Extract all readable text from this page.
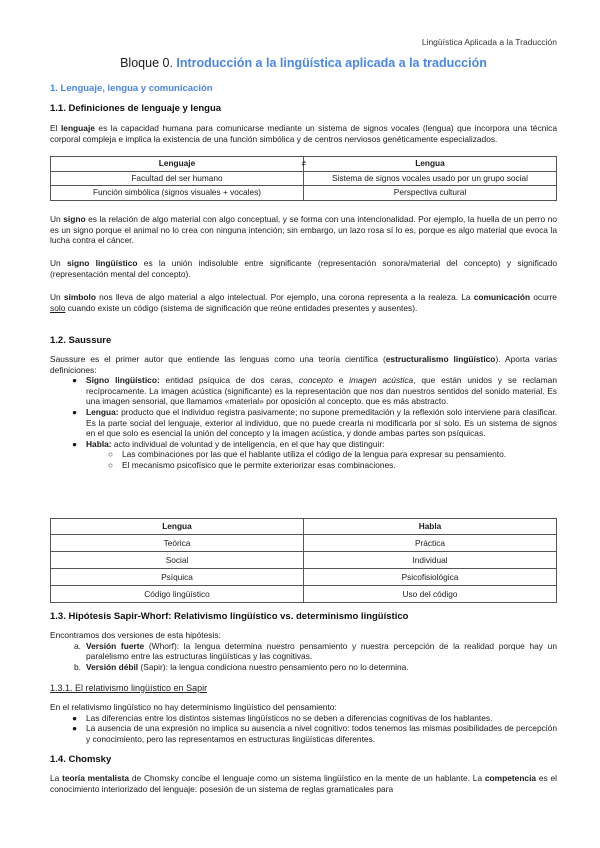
Lingüística Aplicada a la Traducción
Bloque 0. Introducción a la lingüística aplicada a la traducción
1. Lenguaje, lengua y comunicación
1.1. Definiciones de lenguaje y lengua

El lenguaje es la capacidad humana para comunicarse mediante un sistema de signos vocales (lengua) que incorpora una técnica corporal compleja e implica la existencia de una función simbólica y de centros nerviosos genéticamente especializados.

Lenguaje ≠	Lengua
Facultad del ser humano	Sistema de signos vocales usado por un grupo social
Función simbólica (signos visuales + vocales)	Perspectiva cultural

Un signo es la relación de algo material con algo conceptual, y se forma con una intencionalidad. Por ejemplo, la huella de un perro no es un signo porque el animal no lo crea con ninguna intención; sin embargo, un lazo rosa sí lo es, porque es algo material que evoca la lucha contra el cáncer.

Un signo lingüístico es la unión indisoluble entre significante (representación sonora/material del concepto) y significado (representación mental del concepto).

Un símbolo nos lleva de algo material a algo intelectual. Por ejemplo, una corona representa a la realeza. La comunicación ocurre solo cuando existe un código (sistema de significación que reúne entidades presentes y ausentes).

1.2. Saussure

Saussure es el primer autor que entiende las lenguas como una teoría científica (estructuralismo lingüístico). Aporta varias definiciones:

● Signo lingüístico: entidad psíquica de dos caras, concepto e imagen acústica, que están unidos y se reclaman recíprocamente. La imagen acústica (significante) es la representación que nos dan nuestros sentidos del sonido material. Es una imagen sensorial, que llamamos «material» por oposición al concepto. que es más abstracto.
● Lengua: producto que el individuo registra pasivamente; no supone premeditación y la reflexión solo interviene para clasificar. Es la parte social del lenguaje, exterior al individuo, que no puede crearla ni modificarla por sí solo. Es un sistema de signos en el que solo es esencial la unión del concepto y la imagen acústica, y donde ambas partes son psíquicas.
● Habla: acto individual de voluntad y de inteligencia, en el que hay que distinguir:
○ Las combinaciones por las que el hablante utiliza el código de la lengua para expresar su pensamiento.
○ El mecanismo psicofísico que le permite exteriorizar esas combinaciones.
Lengua	Habla
Teórica	Práctica
Social	Individual
Psíquica	Psicofisiológica
Código lingüístico	Uso del código
1.3. Hipótesis Sapir-Whorf: Relativismo lingüístico vs. determinismo lingüístico

Encontramos dos versiones de esta hipótesis:

a. Versión fuerte (Whorf): la lengua determina nuestro pensamiento y nuestra percepción de la realidad porque hay un paralelismo entre las estructuras lingüísticas y las cognitivas.
b. Versión débil (Sapir): la lengua condiciona nuestro pensamiento pero no lo determina.
1.3.1. El relativismo lingüístico en Sapir

En el relativismo lingüístico no hay determinismo lingüístico del pensamiento:

● Las diferencias entre los distintos sistemas lingüísticos no se deben a diferencias cognitivas de los hablantes.
● La ausencia de una expresión no implica su ausencia a nivel cognitivo: todos tenemos las mismas posibilidades de percepción y conocimiento, pero las representamos en estructuras lingüísticas diferentes.
1.4. Chomsky

La teoría mentalista de Chomsky concibe el lenguaje como un sistema lingüístico en la mente de un hablante. La competencia es el conocimiento interiorizado del lenguaje: posesión de un sistema de reglas gramaticales para
